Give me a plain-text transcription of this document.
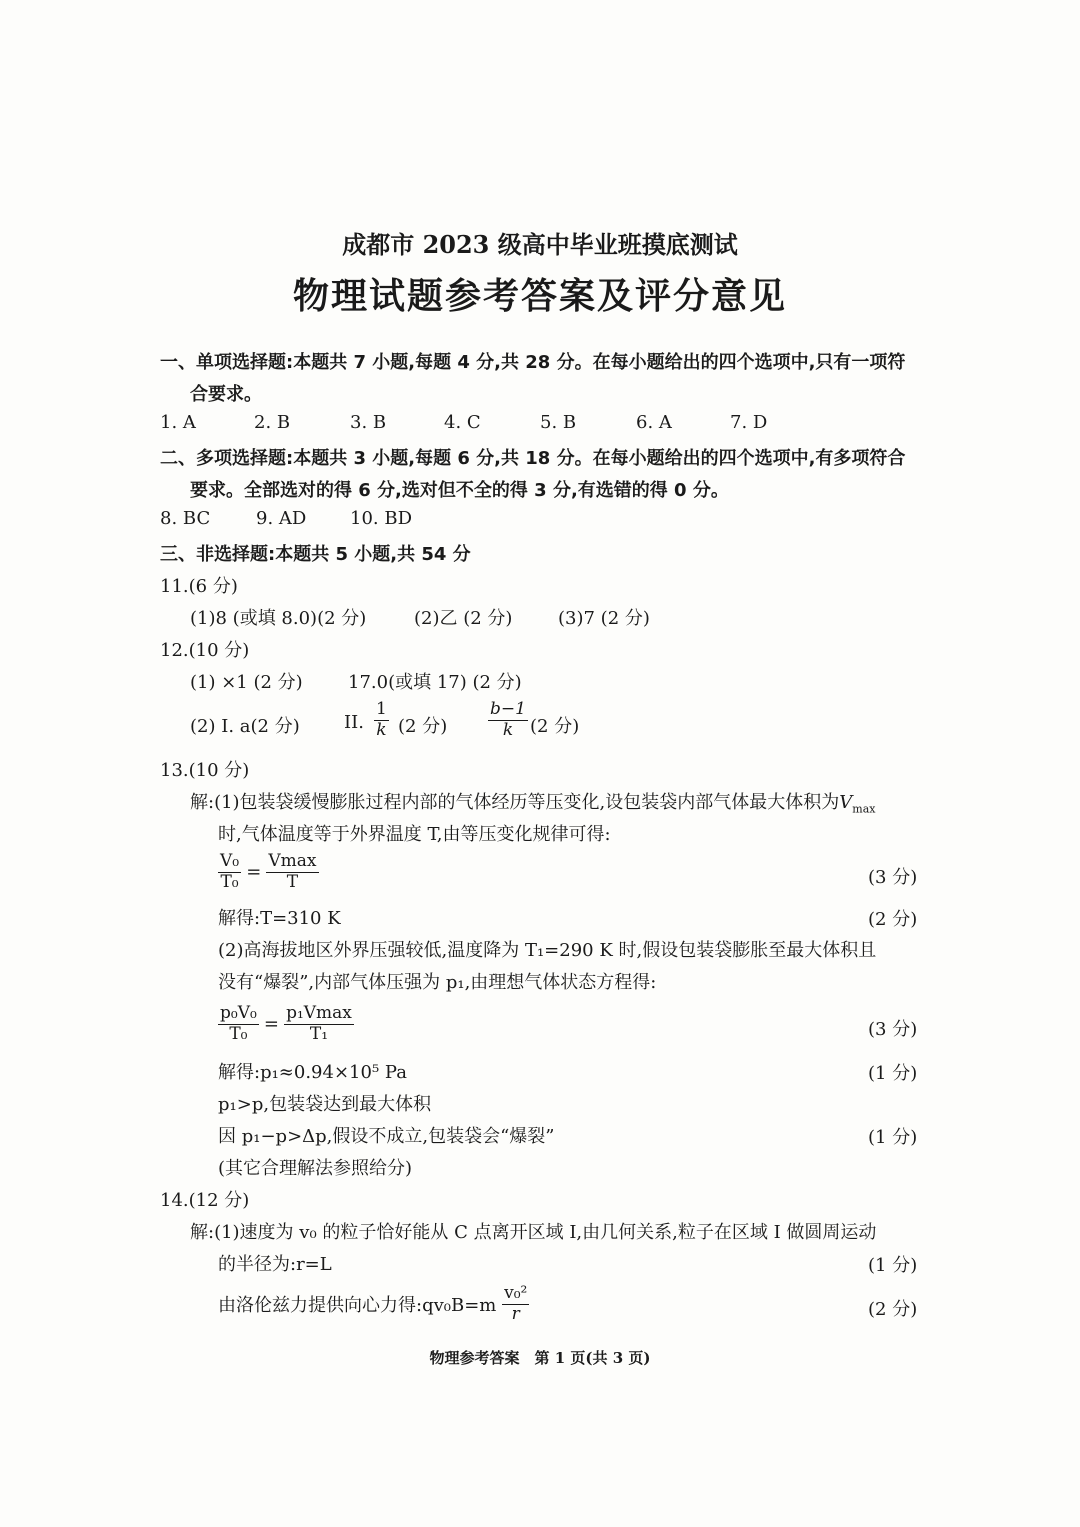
成都市 2023 级高中毕业班摸底测试
物理试题参考答案及评分意见
一、单项选择题:本题共 7 小题,每题 4 分,共 28 分。在每小题给出的四个选项中,只有一项符
合要求。
1. A	2. B	3. B	4. C	5. B	6. A	7. D
二、多项选择题:本题共 3 小题,每题 6 分,共 18 分。在每小题给出的四个选项中,有多项符合
要求。全部选对的得 6 分,选对但不全的得 3 分,有选错的得 0 分。
8. BC	9. AD 10. BD
三、非选择题:本题共 5 小题,共 54 分
11.(6 分)
(1)8 (或填 8.0)(2 分)	(2)乙 (2 分)	(3)7 (2 分)
12.(10 分)
(1) ×1 (2 分)	17.0(或填 17) (2 分)
(2) I. a(2 分) II. $\frac{1}{k} (2$ 分) $\frac{b-1}{k} (2$ 分)
13.(10 分)
解:(1)包装袋缓慢膨胀过程内部的气体经历等压变化,设包装袋内部气体最大体积为$V_{max}$
时,气体温度等于外界温度 T,由等压变化规律可得:
$\frac{\text{V₀}}{\text{T₀}} = \frac{Vmax}{T}$	(3 分)
解得:T=310 K	(2 分)
(2)高海拔地区外界压强较低,温度降为 T₁=290 K 时,假设包装袋膨胀至最大体积且
没有“爆裂”,内部气体压强为 p₁,由理想气体状态方程得:
$\frac{\text{p₀V₀}}{\text{T₀}} = \frac{\text{p₁Vmax}}{\text{T₁}}$	(3 分)
解得:p₁≈0.94×10⁵ Pa	(1 分)
p₁>p,包装袋达到最大体积
因 p₁−p>Δp,假设不成立,包装袋会“爆裂”	(1 分)
(其它合理解法参照给分)
14.(12 分)
解:(1)速度为 v₀ 的粒子恰好能从 C 点离开区域 Ⅰ,由几何关系,粒子在区域 Ⅰ 做圆周运动
的半径为:r=L	(1 分)
由洛伦兹力提供向心力得:qv₀B=m $\frac{\text{v₀²}}{r}$	(2 分)
物理参考答案　第 1 页(共 3 页)
